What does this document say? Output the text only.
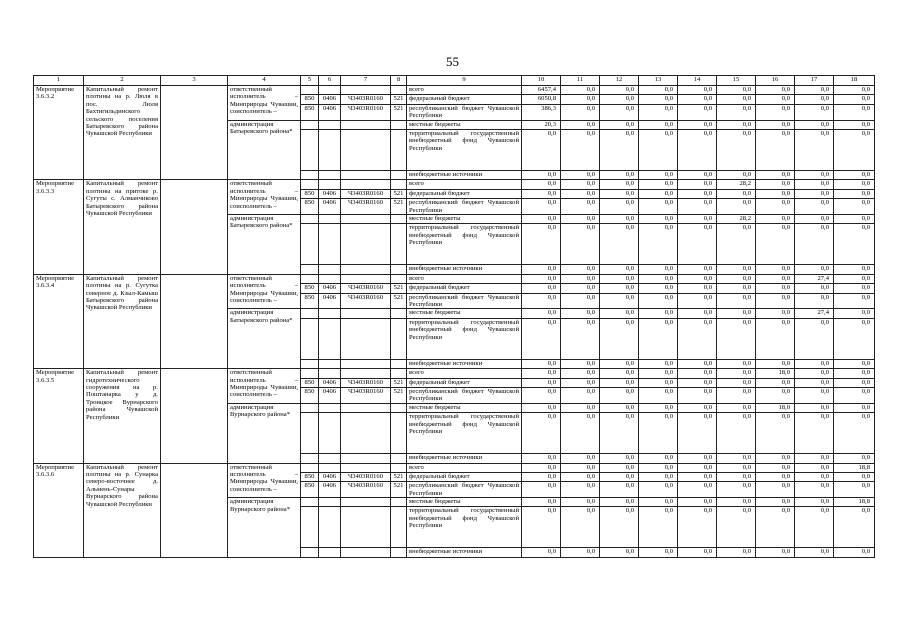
55
1	2	3	4	5	6	7	8	9	10	11	12	13	14	15	16	17	18
Мероприятие 3.6.3.2	Капитальный ремонт плотины на р. Люля в пос. Люля Бахтигильдинского сельского поселения Батыревского района Чувашской Республики		ответственный исполнитель – Минприроды Чувашии, соисполнитель –					всего	6457,4	0,0	0,0	0,0	0,0	0,0	0,0	0,0	0,0
				850	0406	Ч3403R0160	521	федеральный бюджет	6050,8	0,0	0,0	0,0	0,0	0,0	0,0	0,0	0,0
				850	0406	Ч3403R0160	521	республиканский бюджет Чувашской Республики	386,3	0,0	0,0	0,0	0,0	0,0	0,0	0,0	0,0
			администрация Батыревского района*					местные бюджеты	20,3	0,0	0,0	0,0	0,0	0,0	0,0	0,0	0,0
								территориальный государственный внебюджетный фонд Чувашской Республики	0,0	0,0	0,0	0,0	0,0	0,0	0,0	0,0	0,0
								внебюджетные источники	0,0	0,0	0,0	0,0	0,0	0,0	0,0	0,0	0,0
Мероприятие 3.6.3.3	Капитальный ремонт плотины на притоке р. Сугуты с. Алманчиково Батыревского района Чувашской Республики		ответственный исполнитель – Минприроды Чувашии, соисполнитель –					всего	0,0	0,0	0,0	0,0	0,0	28,2	0,0	0,0	0,0
				850	0406	Ч3403R0160	521	федеральный бюджет	0,0	0,0	0,0	0,0	0,0	0,0	0,0	0,0	0,0
				850	0406	Ч3403R0160	521	республиканский бюджет Чувашской Республики	0,0	0,0	0,0	0,0	0,0	0,0	0,0	0,0	0,0
			администрация Батыревского района*					местные бюджеты	0,0	0,0	0,0	0,0	0,0	28,2	0,0	0,0	0,0
								территориальный государственный внебюджетный фонд Чувашской Республики	0,0	0,0	0,0	0,0	0,0	0,0	0,0	0,0	0,0
								внебюджетные источники	0,0	0,0	0,0	0,0	0,0	0,0	0,0	0,0	0,0
Мероприятие 3.6.3.4	Капитальный ремонт плотины на р. Сугутка северное д. Кзыл-Камыш Батыревского района Чувашской Республики		ответственный исполнитель – Минприроды Чувашии, соисполнитель –					всего	0,0	0,0	0,0	0,0	0,0	0,0	0,0	27,4	0,0
				850	0406	Ч3403R0160	521	федеральный бюджет	0,0	0,0	0,0	0,0	0,0	0,0	0,0	0,0	0,0
				850	0406	Ч3403R0160	521	республиканский бюджет Чувашской Республики	0,0	0,0	0,0	0,0	0,0	0,0	0,0	0,0	0,0
			администрация Батыревского района*					местные бюджеты	0,0	0,0	0,0	0,0	0,0	0,0	0,0	27,4	0,0
								территориальный государственный внебюджетный фонд Чувашской Республики	0,0	0,0	0,0	0,0	0,0	0,0	0,0	0,0	0,0
								внебюджетные источники	0,0	0,0	0,0	0,0	0,0	0,0	0,0	0,0	0,0
Мероприятие 3.6.3.5	Капитальный ремонт гидротехнического сооружения на р. Поштанарка у д. Троицкое Вурнарского района Чувашской Республики		ответственный исполнитель – Минприроды Чувашии, соисполнитель –					всего	0,0	0,0	0,0	0,0	0,0	0,0	18,0	0,0	0,0
				850	0406	Ч3403R0160	521	федеральный бюджет	0,0	0,0	0,0	0,0	0,0	0,0	0,0	0,0	0,0
				850	0406	Ч3403R0160	521	республиканский бюджет Чувашской Республики	0,0	0,0	0,0	0,0	0,0	0,0	0,0	0,0	0,0
			администрация Вурнарского района*					местные бюджеты	0,0	0,0	0,0	0,0	0,0	0,0	18,0	0,0	0,0
								территориальный государственный внебюджетный фонд Чувашской Республики	0,0	0,0	0,0	0,0	0,0	0,0	0,0	0,0	0,0
								внебюджетные источники	0,0	0,0	0,0	0,0	0,0	0,0	0,0	0,0	0,0
Мероприятие 3.6.3.6	Капитальный ремонт плотины на р. Сунарка северо-восточнее д. Альмень-Сунары Вурнарского района Чувашской Республики		ответственный исполнитель – Минприроды Чувашии, соисполнитель –					всего	0,0	0,0	0,0	0,0	0,0	0,0	0,0	0,0	18,8
				850	0406	Ч3403R0160	521	федеральный бюджет	0,0	0,0	0,0	0,0	0,0	0,0	0,0	0,0	0,0
				850	0406	Ч3403R0160	521	республиканский бюджет Чувашской Республики	0,0	0,0	0,0	0,0	0,0	0,0	0,0	0,0	0,0
			администрация Вурнарского района*					местные бюджеты	0,0	0,0	0,0	0,0	0,0	0,0	0,0	0,0	18,8
								территориальный государственный внебюджетный фонд Чувашской Республики	0,0	0,0	0,0	0,0	0,0	0,0	0,0	0,0	0,0
								внебюджетные источники	0,0	0,0	0,0	0,0	0,0	0,0	0,0	0,0	0,0
